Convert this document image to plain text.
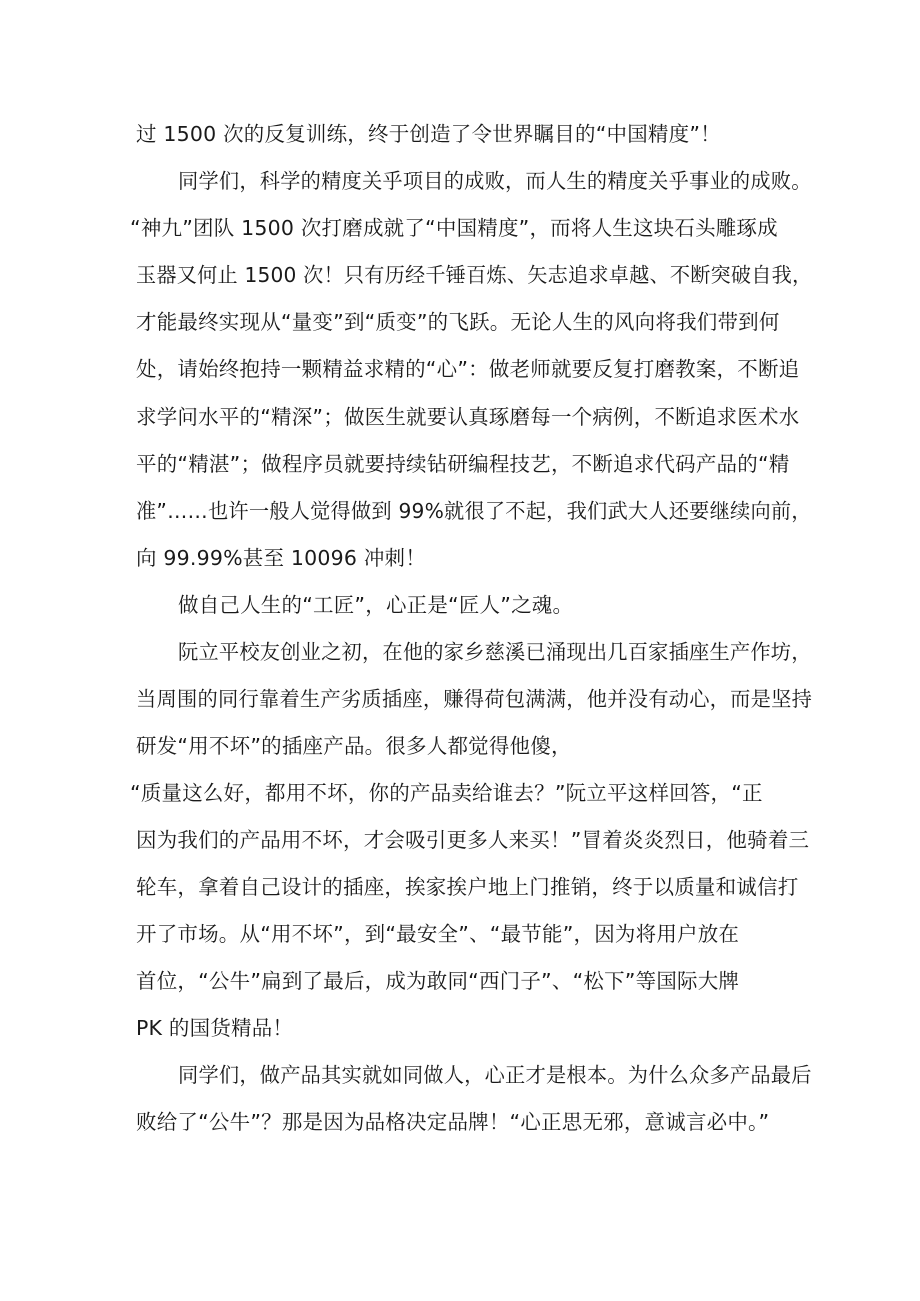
过 1500 次的反复训练，终于创造了令世界瞩目的“中国精度”！
同学们，科学的精度关乎项目的成败，而人生的精度关乎事业的成败。
“神九”团队 1500 次打磨成就了“中国精度”，而将人生这块石头雕琢成
玉器又何止 1500 次！只有历经千锤百炼、矢志追求卓越、不断突破自我，
才能最终实现从“量变”到“质变”的飞跃。无论人生的风向将我们带到何
处，请始终抱持一颗精益求精的“心”：做老师就要反复打磨教案，不断追
求学问水平的“精深”；做医生就要认真琢磨每一个病例，不断追求医术水
平的“精湛”；做程序员就要持续钻研编程技艺，不断追求代码产品的“精
准”……也许一般人觉得做到 99%就很了不起，我们武大人还要继续向前，
向 99.99%甚至 10096 冲刺！
做自己人生的“工匠”，心正是“匠人”之魂。
阮立平校友创业之初，在他的家乡慈溪已涌现出几百家插座生产作坊，
当周围的同行靠着生产劣质插座，赚得荷包满满，他并没有动心，而是坚持
研发“用不坏”的插座产品。很多人都觉得他傻，
“质量这么好，都用不坏，你的产品卖给谁去？”阮立平这样回答，“正
因为我们的产品用不坏，才会吸引更多人来买！”冒着炎炎烈日，他骑着三
轮车，拿着自己设计的插座，挨家挨户地上门推销，终于以质量和诚信打
开了市场。从“用不坏”，到“最安全”、“最节能”，因为将用户放在
首位，“公牛”扁到了最后，成为敢同“西门子”、“松下”等国际大牌
PK 的国货精品！
同学们，做产品其实就如同做人，心正才是根本。为什么众多产品最后
败给了“公牛”？那是因为品格决定品牌！“心正思无邪，意诚言必中。”
